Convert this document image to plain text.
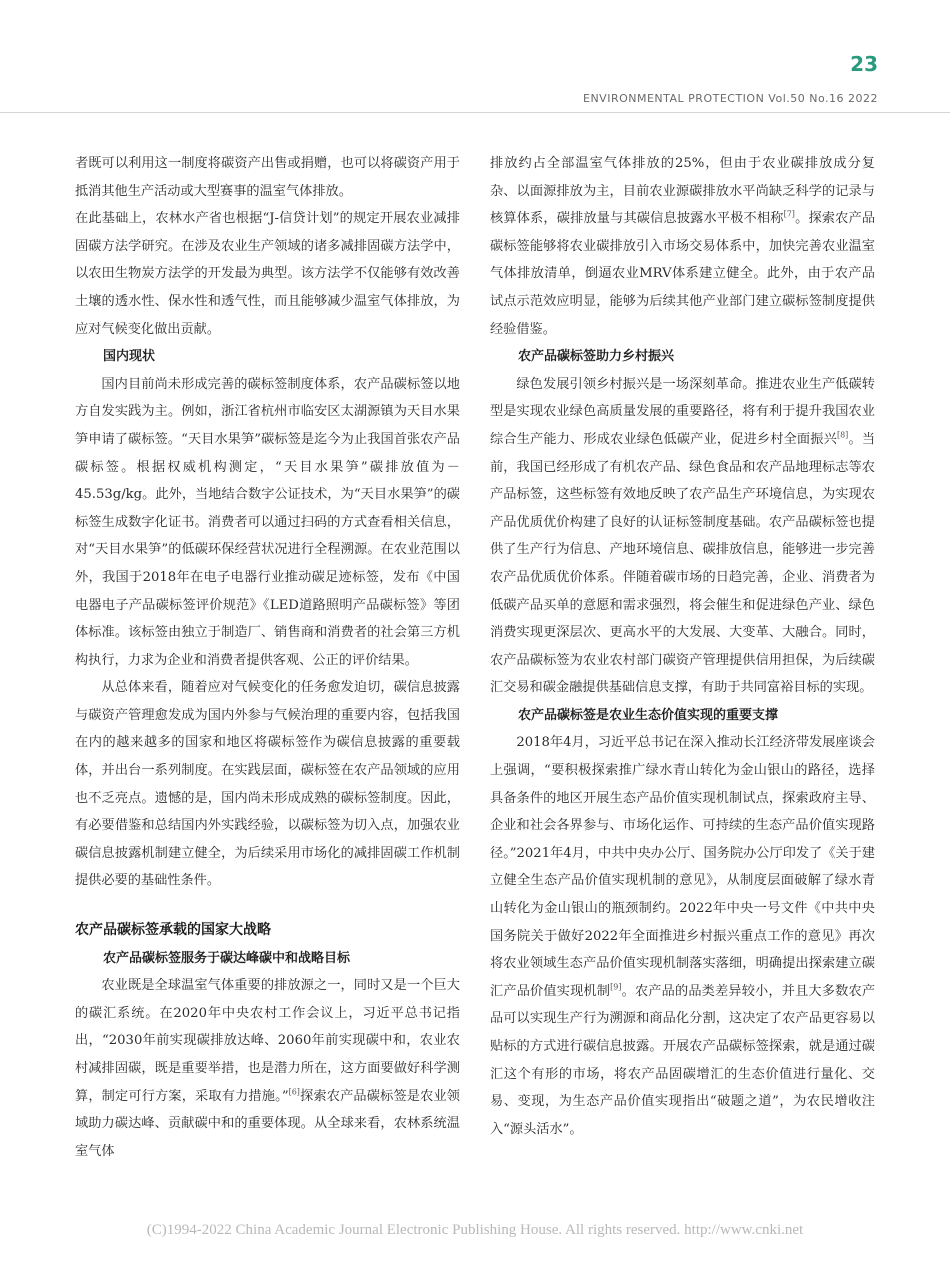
23
ENVIRONMENTAL PROTECTION Vol.50 No.16 2022

者既可以利用这一制度将碳资产出售或捐赠，也可以将碳资产用于抵消其他生产活动或大型赛事的温室气体排放。

在此基础上，农林水产省也根据“J-信贷计划”的规定开展农业减排固碳方法学研究。在涉及农业生产领域的诸多减排固碳方法学中，以农田生物炭方法学的开发最为典型。该方法学不仅能够有效改善土壤的透水性、保水性和透气性，而且能够减少温室气体排放，为应对气候变化做出贡献。

国内现状

国内目前尚未形成完善的碳标签制度体系，农产品碳标签以地方自发实践为主。例如，浙江省杭州市临安区太湖源镇为天目水果笋申请了碳标签。“天目水果笋”碳标签是迄今为止我国首张农产品碳标签。根据权威机构测定，“天目水果笋”碳排放值为－45.53g/kg。此外，当地结合数字公证技术，为“天目水果笋”的碳标签生成数字化证书。消费者可以通过扫码的方式查看相关信息，对“天目水果笋”的低碳环保经营状况进行全程溯源。在农业范围以外，我国于2018年在电子电器行业推动碳足迹标签，发布《中国电器电子产品碳标签评价规范》《LED道路照明产品碳标签》等团体标准。该标签由独立于制造厂、销售商和消费者的社会第三方机构执行，力求为企业和消费者提供客观、公正的评价结果。

从总体来看，随着应对气候变化的任务愈发迫切，碳信息披露与碳资产管理愈发成为国内外参与气候治理的重要内容，包括我国在内的越来越多的国家和地区将碳标签作为碳信息披露的重要载体，并出台一系列制度。在实践层面，碳标签在农产品领域的应用也不乏亮点。遗憾的是，国内尚未形成成熟的碳标签制度。因此，有必要借鉴和总结国内外实践经验，以碳标签为切入点，加强农业碳信息披露机制建立健全，为后续采用市场化的减排固碳工作机制提供必要的基础性条件。

农产品碳标签承载的国家大战略
农产品碳标签服务于碳达峰碳中和战略目标

农业既是全球温室气体重要的排放源之一，同时又是一个巨大的碳汇系统。在2020年中央农村工作会议上，习近平总书记指出，“2030年前实现碳排放达峰、2060年前实现碳中和，农业农村减排固碳，既是重要举措，也是潜力所在，这方面要做好科学测算，制定可行方案，采取有力措施。”[6]探索农产品碳标签是农业领域助力碳达峰、贡献碳中和的重要体现。从全球来看，农林系统温室气体

排放约占全部温室气体排放的25%，但由于农业碳排放成分复杂、以面源排放为主，目前农业源碳排放水平尚缺乏科学的记录与核算体系，碳排放量与其碳信息披露水平极不相称[7]。探索农产品碳标签能够将农业碳排放引入市场交易体系中，加快完善农业温室气体排放清单，倒逼农业MRV体系建立健全。此外，由于农产品试点示范效应明显，能够为后续其他产业部门建立碳标签制度提供经验借鉴。

农产品碳标签助力乡村振兴

绿色发展引领乡村振兴是一场深刻革命。推进农业生产低碳转型是实现农业绿色高质量发展的重要路径，将有利于提升我国农业综合生产能力、形成农业绿色低碳产业，促进乡村全面振兴[8]。当前，我国已经形成了有机农产品、绿色食品和农产品地理标志等农产品标签，这些标签有效地反映了农产品生产环境信息，为实现农产品优质优价构建了良好的认证标签制度基础。农产品碳标签也提供了生产行为信息、产地环境信息、碳排放信息，能够进一步完善农产品优质优价体系。伴随着碳市场的日趋完善，企业、消费者为低碳产品买单的意愿和需求强烈，将会催生和促进绿色产业、绿色消费实现更深层次、更高水平的大发展、大变革、大融合。同时，农产品碳标签为农业农村部门碳资产管理提供信用担保，为后续碳汇交易和碳金融提供基础信息支撑，有助于共同富裕目标的实现。

农产品碳标签是农业生态价值实现的重要支撑

2018年4月，习近平总书记在深入推动长江经济带发展座谈会上强调，“要积极探索推广绿水青山转化为金山银山的路径，选择具备条件的地区开展生态产品价值实现机制试点，探索政府主导、企业和社会各界参与、市场化运作、可持续的生态产品价值实现路径。”2021年4月，中共中央办公厅、国务院办公厅印发了《关于建立健全生态产品价值实现机制的意见》，从制度层面破解了绿水青山转化为金山银山的瓶颈制约。2022年中央一号文件《中共中央　国务院关于做好2022年全面推进乡村振兴重点工作的意见》再次将农业领域生态产品价值实现机制落实落细，明确提出探索建立碳汇产品价值实现机制[9]。农产品的品类差异较小，并且大多数农产品可以实现生产行为溯源和商品化分割，这决定了农产品更容易以贴标的方式进行碳信息披露。开展农产品碳标签探索，就是通过碳汇这个有形的市场，将农产品固碳增汇的生态价值进行量化、交易、变现，为生态产品价值实现指出“破题之道”，为农民增收注入“源头活水”。

(C)1994-2022 China Academic Journal Electronic Publishing House. All rights reserved. http://www.cnki.net
